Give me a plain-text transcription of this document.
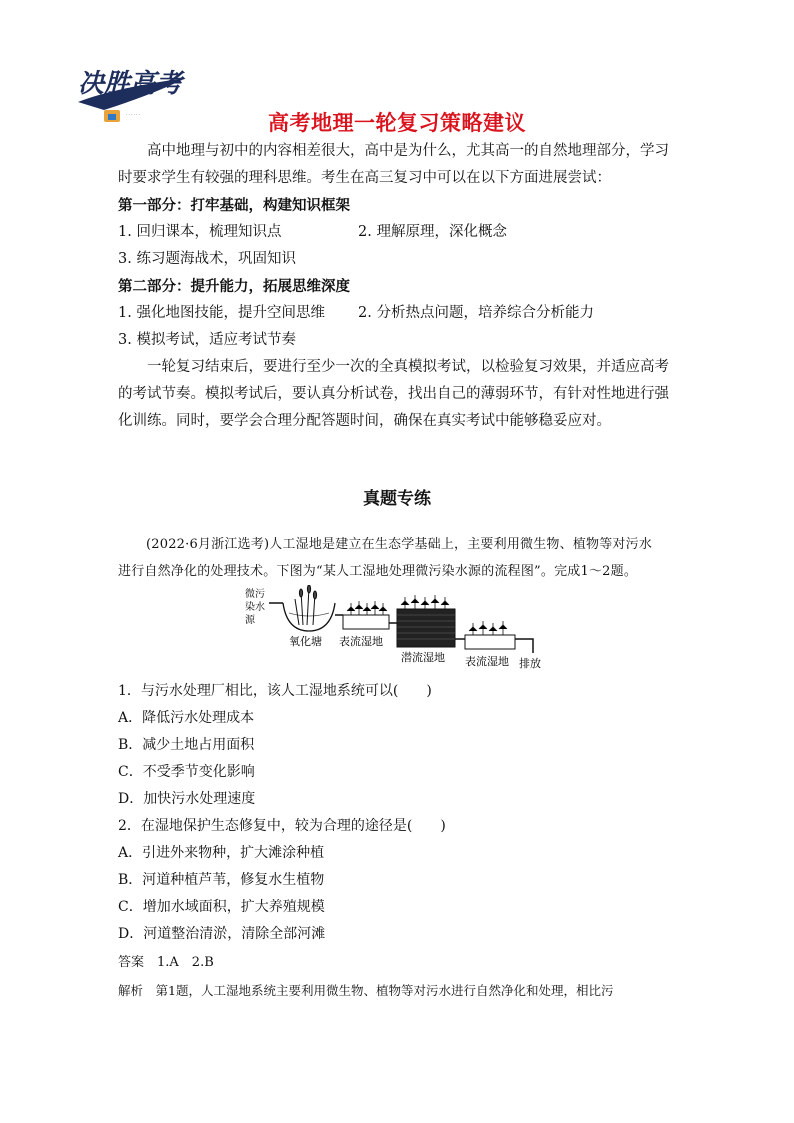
决胜高考
· · · · · ·	高考地理一轮复习策略建议

高中地理与初中的内容相差很大，高中是为什么，尤其高一的自然地理部分，学习时要求学生有较强的理科思维。考生在高三复习中可以在以下方面进展尝试：

第一部分：打牢基础，构建知识框架

1. 回归课本，梳理知识点	2. 理解原理，深化概念

3. 练习题海战术，巩固知识

第二部分：提升能力，拓展思维深度

1. 强化地图技能，提升空间思维 2. 分析热点问题，培养综合分析能力

3. 模拟考试，适应考试节奏

一轮复习结束后，要进行至少一次的全真模拟考试，以检验复习效果，并适应高考的考试节奏。模拟考试后，要认真分析试卷，找出自己的薄弱环节，有针对性地进行强化训练。同时，要学会合理分配答题时间，确保在真实考试中能够稳妥应对。

真题专练

(2022·6月浙江选考)人工湿地是建立在生态学基础上，主要利用微生物、植物等对污水

进行自然净化的处理技术。下图为“某人工湿地处理微污染水源的流程图”。完成1～2题。

微污
染水
源
氧化塘 表流湿地
潜流湿地 表流湿地 排放

1．与污水处理厂相比，该人工湿地系统可以(　　)

A．降低污水处理成本

B．减少土地占用面积

C．不受季节变化影响

D．加快污水处理速度

2．在湿地保护生态修复中，较为合理的途径是(　　)

A．引进外来物种，扩大滩涂种植

B．河道种植芦苇，修复水生植物

C．增加水域面积，扩大养殖规模

D．河道整治清淤，清除全部河滩

答案　1.A　2.B
解析　第1题，人工湿地系统主要利用微生物、植物等对污水进行自然净化和处理，相比污
